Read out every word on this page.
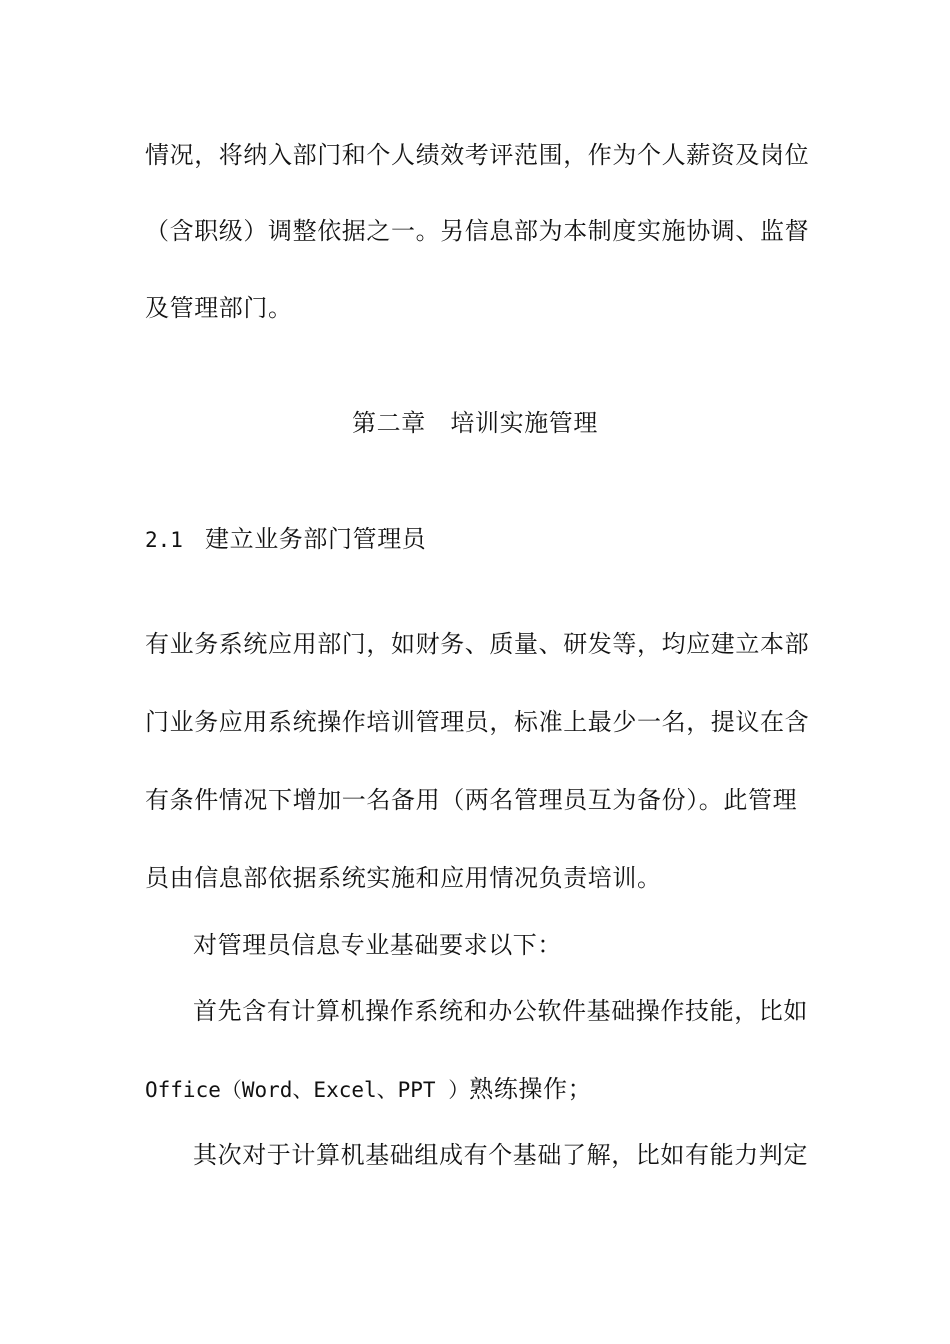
情况，将纳入部门和个人绩效考评范围，作为个人薪资及岗位
（含职级）调整依据之一。另信息部为本制度实施协调、监督
及管理部门。
第二章　培训实施管理
2.1 建立业务部门管理员
有业务系统应用部门，如财务、质量、研发等，均应建立本部
门业务应用系统操作培训管理员，标准上最少一名，提议在含
有条件情况下增加一名备用（两名管理员互为备份）。此管理
员由信息部依据系统实施和应用情况负责培训。
对管理员信息专业基础要求以下：
首先含有计算机操作系统和办公软件基础操作技能，比如
Office（Word、Excel、PPT ）熟练操作；
其次对于计算机基础组成有个基础了解，比如有能力判定
